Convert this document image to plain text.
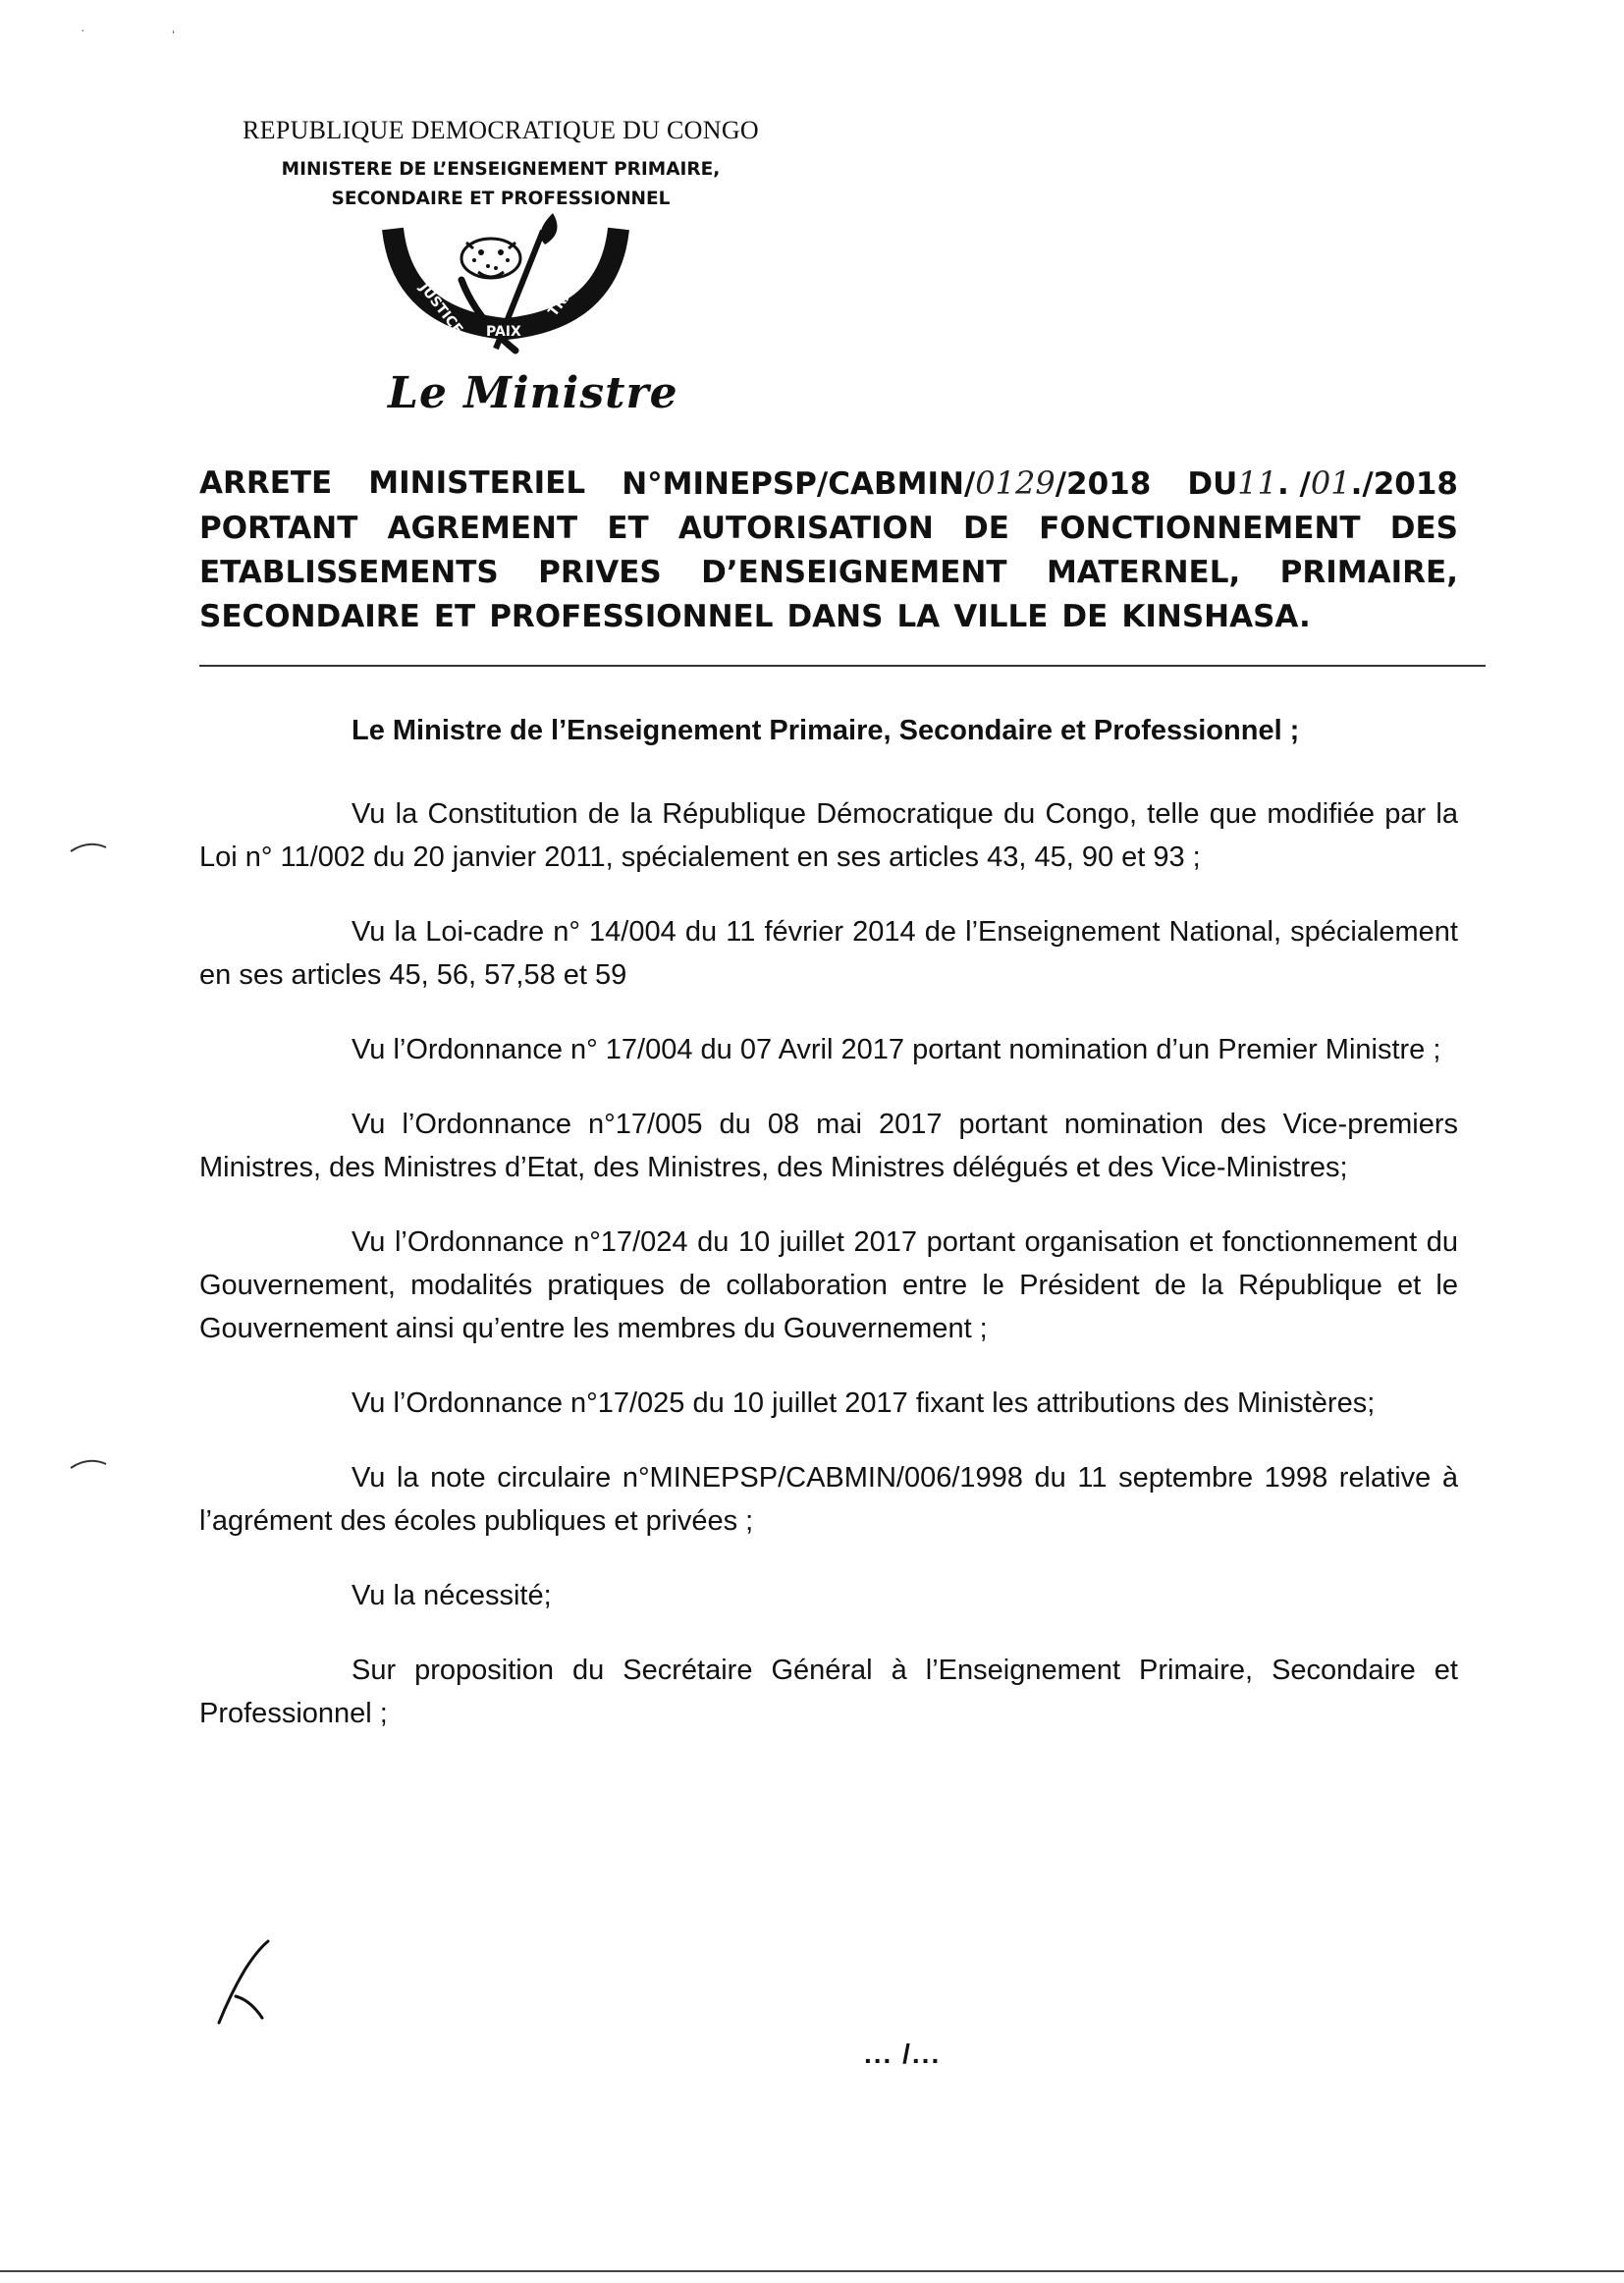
·	ʻ
REPUBLIQUE DEMOCRATIQUE DU CONGO
MINISTERE DE L’ENSEIGNEMENT PRIMAIRE,
SECONDAIRE ET PROFESSIONNEL
JUSTICE PAIX
TRAVAIL
Le Ministre
ARRETE MINISTERIEL N°MINEPSP/CABMIN/0129/2018 DU11. /01./2018
PORTANT AGREMENT ET AUTORISATION DE FONCTIONNEMENT DES
ETABLISSEMENTS PRIVES D’ENSEIGNEMENT MATERNEL, PRIMAIRE,
SECONDAIRE ET PROFESSIONNEL DANS LA VILLE DE KINSHASA.
Le Ministre de l’Enseignement Primaire, Secondaire et Professionnel ;

Vu la Constitution de la République Démocratique du Congo, telle que modifiée par la Loi n° 11/002 du 20 janvier 2011, spécialement en ses articles 43, 45, 90 et 93 ;

Vu la Loi-cadre n° 14/004 du 11 février 2014 de l’Enseignement National, spécialement en ses articles 45, 56, 57,58 et 59

Vu l’Ordonnance n° 17/004 du 07 Avril 2017 portant nomination d’un Premier Ministre ;

Vu l’Ordonnance n°17/005 du 08 mai 2017 portant nomination des Vice-premiers Ministres, des Ministres d’Etat, des Ministres, des Ministres délégués et des Vice-Ministres;

Vu l’Ordonnance n°17/024 du 10 juillet 2017 portant organisation et fonctionnement du Gouvernement, modalités pratiques de collaboration entre le Président de la République et le Gouvernement ainsi qu’entre les membres du Gouvernement ;

Vu l’Ordonnance n°17/025 du 10 juillet 2017 fixant les attributions des Ministères;

Vu la note circulaire n°MINEPSP/CABMIN/006/1998 du 11 septembre 1998 relative à l’agrément des écoles publiques et privées ;

Vu la nécessité;

Sur proposition du Secrétaire Général à l’Enseignement Primaire, Secondaire et Professionnel ;

... /...
